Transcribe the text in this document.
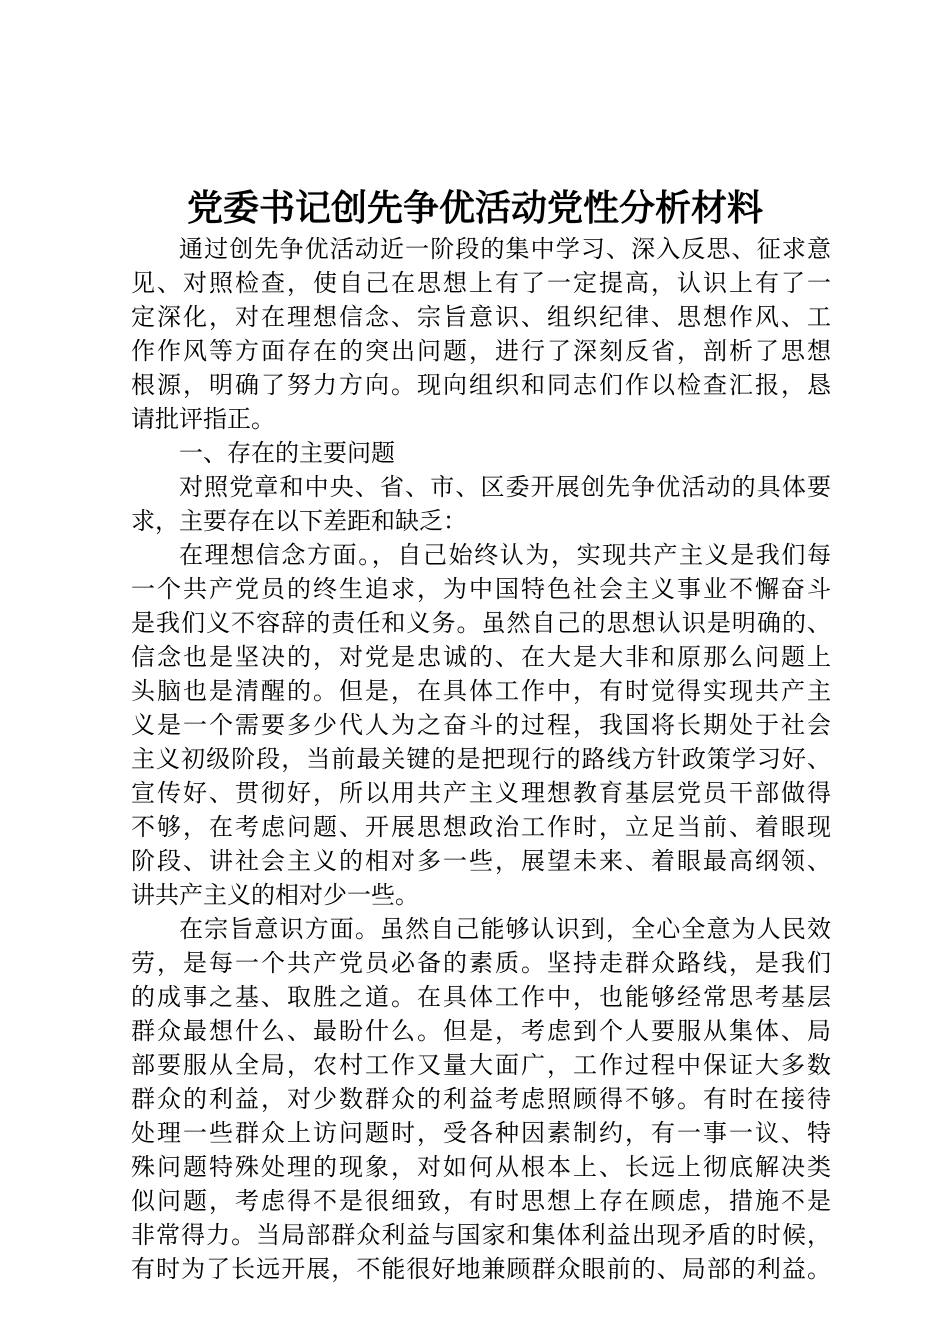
党委书记创先争优活动党性分析材料
通过创先争优活动近一阶段的集中学习、深入反思、征求意
见、对照检查，使自己在思想上有了一定提高，认识上有了一
定深化，对在理想信念、宗旨意识、组织纪律、思想作风、工
作作风等方面存在的突出问题，进行了深刻反省，剖析了思想
根源，明确了努力方向。现向组织和同志们作以检查汇报，恳
请批评指正。
一、存在的主要问题
对照党章和中央、省、市、区委开展创先争优活动的具体要
求，主要存在以下差距和缺乏：
在理想信念方面。，自己始终认为，实现共产主义是我们每
一个共产党员的终生追求，为中国特色社会主义事业不懈奋斗
是我们义不容辞的责任和义务。虽然自己的思想认识是明确的、
信念也是坚决的，对党是忠诚的、在大是大非和原那么问题上
头脑也是清醒的。但是，在具体工作中，有时觉得实现共产主
义是一个需要多少代人为之奋斗的过程，我国将长期处于社会
主义初级阶段，当前最关键的是把现行的路线方针政策学习好、
宣传好、贯彻好，所以用共产主义理想教育基层党员干部做得
不够，在考虑问题、开展思想政治工作时，立足当前、着眼现
阶段、讲社会主义的相对多一些，展望未来、着眼最高纲领、
讲共产主义的相对少一些。
在宗旨意识方面。虽然自己能够认识到，全心全意为人民效
劳，是每一个共产党员必备的素质。坚持走群众路线，是我们
的成事之基、取胜之道。在具体工作中，也能够经常思考基层
群众最想什么、最盼什么。但是，考虑到个人要服从集体、局
部要服从全局，农村工作又量大面广，工作过程中保证大多数
群众的利益，对少数群众的利益考虑照顾得不够。有时在接待
处理一些群众上访问题时，受各种因素制约，有一事一议、特
殊问题特殊处理的现象，对如何从根本上、长远上彻底解决类
似问题，考虑得不是很细致，有时思想上存在顾虑，措施不是
非常得力。当局部群众利益与国家和集体利益出现矛盾的时候，
有时为了长远开展，不能很好地兼顾群众眼前的、局部的利益。
